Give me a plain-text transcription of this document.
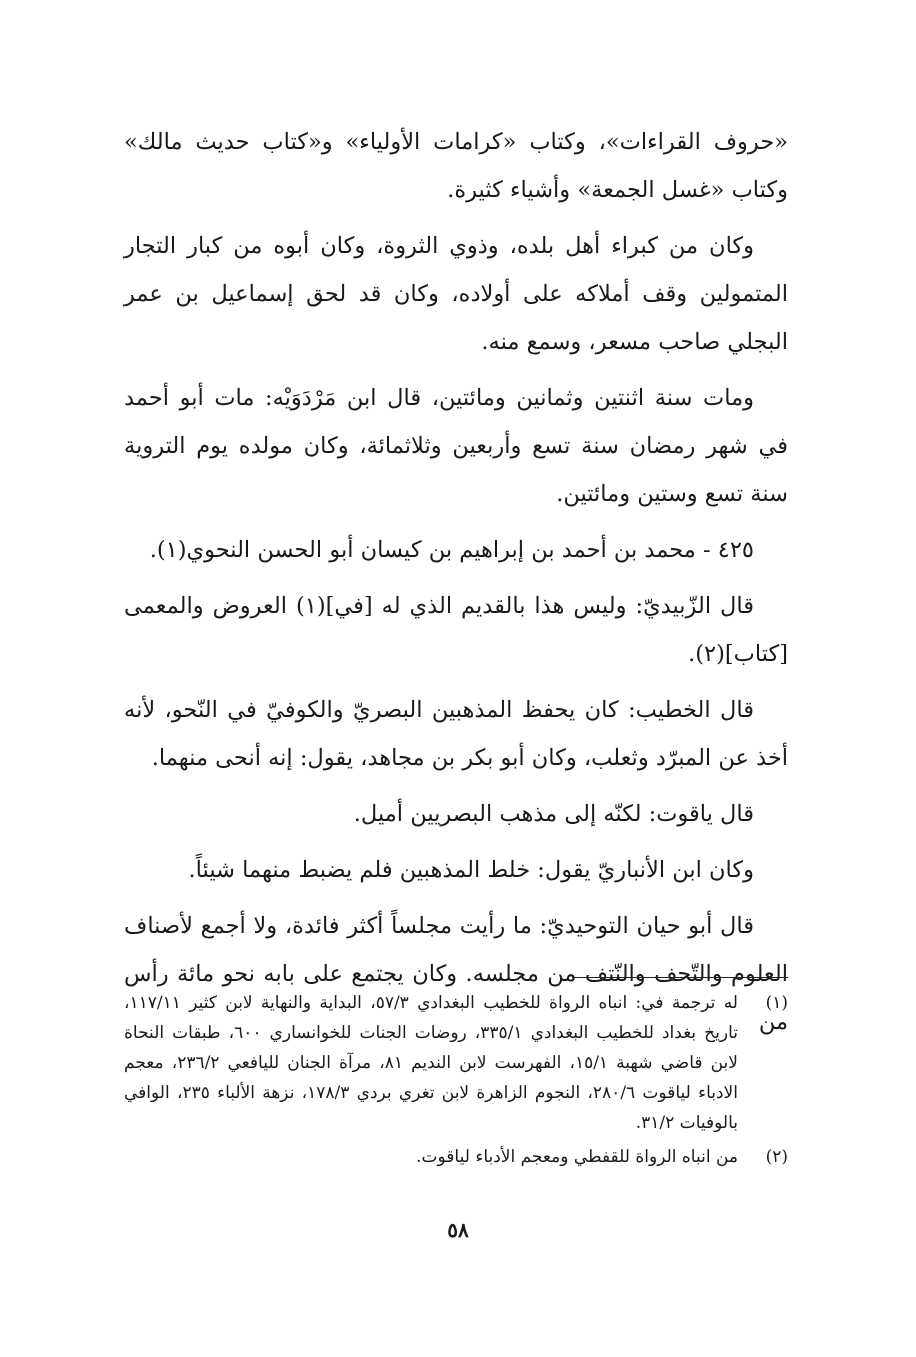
«حروف القراءات»، وكتاب «كرامات الأولياء» و«كتاب حديث مالك» وكتاب «غسل الجمعة» وأشياء كثيرة.

وكان من كبراء أهل بلده، وذوي الثروة، وكان أبوه من كبار التجار المتمولين وقف أملاكه على أولاده، وكان قد لحق إسماعيل بن عمر البجلي صاحب مسعر، وسمع منه.

ومات سنة اثنتين وثمانين ومائتين، قال ابن مَرْدَوَيْه: مات أبو أحمد في شهر رمضان سنة تسع وأربعين وثلاثمائة، وكان مولده يوم التروية سنة تسع وستين ومائتين.

٤٢٥ - محمد بن أحمد بن إبراهيم بن كيسان أبو الحسن النحوي(١).

قال الزّبيديّ: وليس هذا بالقديم الذي له [في](١) العروض والمعمى [كتاب](٢).

قال الخطيب: كان يحفظ المذهبين البصريّ والكوفيّ في النّحو، لأنه أخذ عن المبرّد وثعلب، وكان أبو بكر بن مجاهد، يقول: إنه أنحى منهما.

قال ياقوت: لكنّه إلى مذهب البصريين أميل.

وكان ابن الأنباريّ يقول: خلط المذهبين فلم يضبط منهما شيئاً.

قال أبو حيان التوحيديّ: ما رأيت مجلساً أكثر فائدة، ولا أجمع لأصناف العلوم والتّحف والنّتف من مجلسه. وكان يجتمع على بابه نحو مائة رأس من

(١)
له ترجمة في: انباه الرواة للخطيب البغدادي ٥٧/٣، البداية والنهاية لابن كثير ١١٧/١١، تاريخ بغداد للخطيب البغدادي ٣٣٥/١، روضات الجنات للخوانساري ٦٠٠، طبقات النحاة لابن قاضي شهبة ١٥/١، الفهرست لابن النديم ٨١، مرآة الجنان لليافعي ٢٣٦/٢، معجم الادباء لياقوت ٢٨٠/٦، النجوم الزاهرة لابن تغري بردي ١٧٨/٣، نزهة الألباء ٢٣٥، الوافي بالوفيات ٣١/٢.
(٢)
من انباه الرواة للقفطي ومعجم الأدباء لياقوت.
٥٨
